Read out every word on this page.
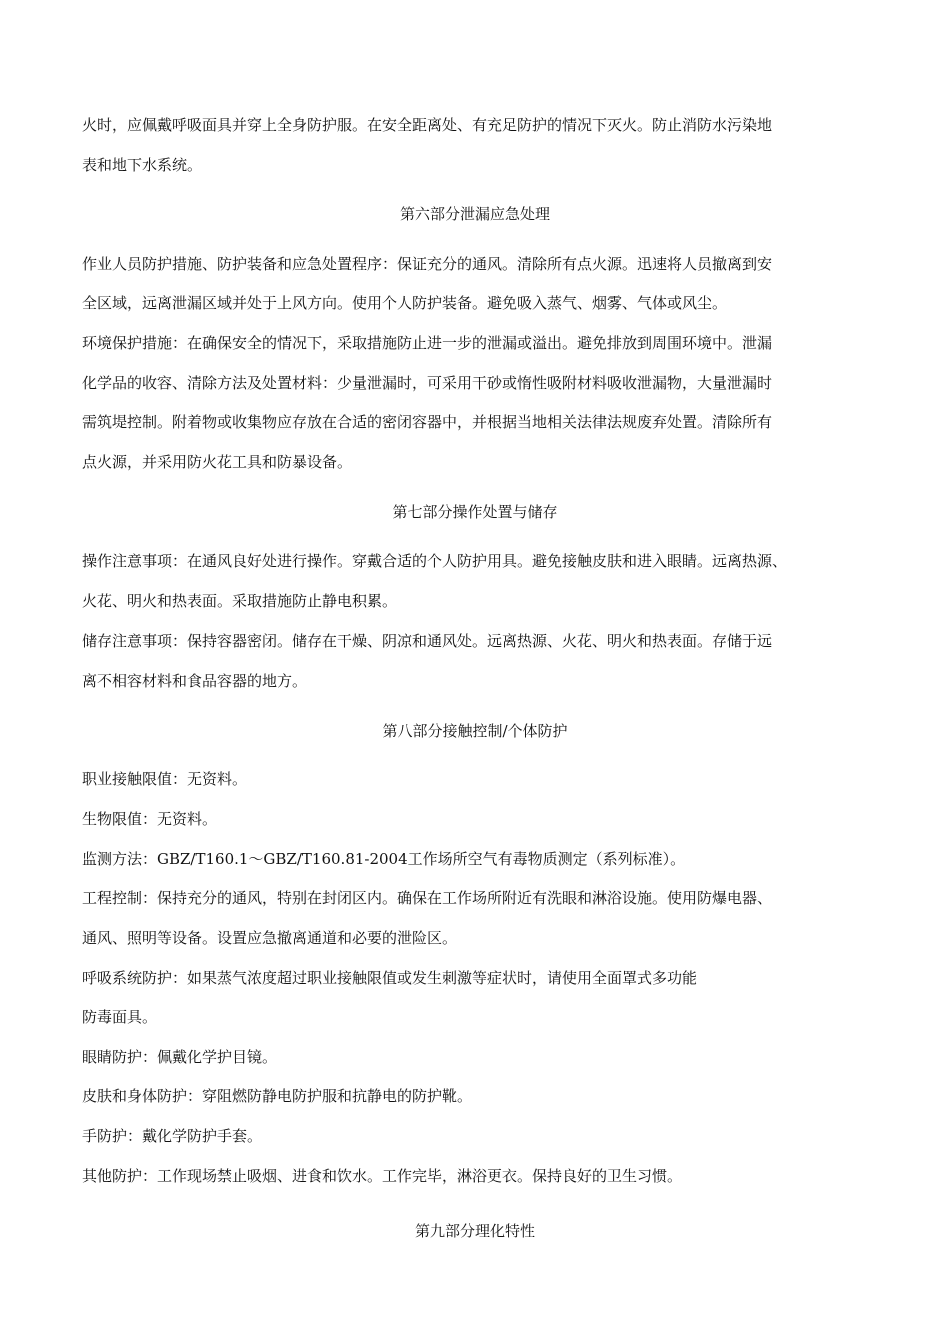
火时，应佩戴呼吸面具并穿上全身防护服。在安全距离处、有充足防护的情况下灭火。防止消防水污染地
表和地下水系统。
第六部分泄漏应急处理
作业人员防护措施、防护装备和应急处置程序：保证充分的通风。清除所有点火源。迅速将人员撤离到安
全区域，远离泄漏区域并处于上风方向。使用个人防护装备。避免吸入蒸气、烟雾、气体或风尘。
环境保护措施：在确保安全的情况下，采取措施防止进一步的泄漏或溢出。避免排放到周围环境中。泄漏
化学品的收容、清除方法及处置材料：少量泄漏时，可采用干砂或惰性吸附材料吸收泄漏物，大量泄漏时
需筑堤控制。附着物或收集物应存放在合适的密闭容器中，并根据当地相关法律法规废弃处置。清除所有
点火源，并采用防火花工具和防暴设备。
第七部分操作处置与储存
操作注意事项：在通风良好处进行操作。穿戴合适的个人防护用具。避免接触皮肤和进入眼睛。远离热源、
火花、明火和热表面。采取措施防止静电积累。
储存注意事项：保持容器密闭。储存在干燥、阴凉和通风处。远离热源、火花、明火和热表面。存储于远
离不相容材料和食品容器的地方。
第八部分接触控制/个体防护
职业接触限值：无资料。
生物限值：无资料。
监测方法：GBZ/T160.1〜GBZ/T160.81-2004工作场所空气有毒物质测定（系列标准）。
工程控制：保持充分的通风，特别在封闭区内。确保在工作场所附近有洗眼和淋浴设施。使用防爆电器、
通风、照明等设备。设置应急撤离通道和必要的泄险区。
呼吸系统防护：如果蒸气浓度超过职业接触限值或发生刺激等症状时，请使用全面罩式多功能
防毒面具。
眼睛防护：佩戴化学护目镜。
皮肤和身体防护：穿阻燃防静电防护服和抗静电的防护靴。
手防护：戴化学防护手套。
其他防护：工作现场禁止吸烟、进食和饮水。工作完毕，淋浴更衣。保持良好的卫生习惯。
第九部分理化特性
